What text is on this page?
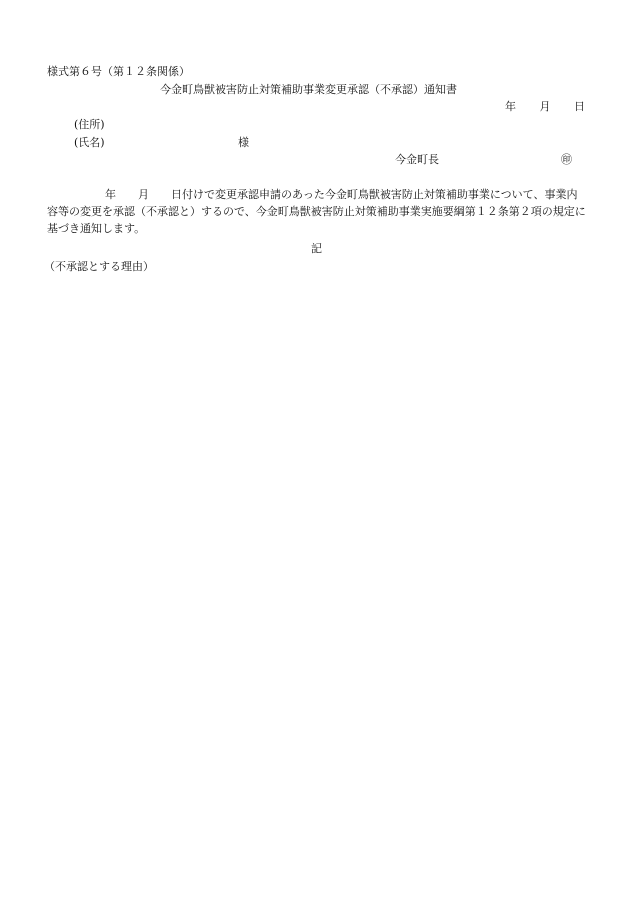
様式第６号（第１２条関係）
今金町鳥獣被害防止対策補助事業変更承認（不承認）通知書
年 月 日
(住所)
(氏名)	様
今金町長	㊞
年　　月　　日付けで変更承認申請のあった今金町鳥獣被害防止対策補助事業について、事業内容等の変更を承認（不承認と）するので、今金町鳥獣被害防止対策補助事業実施要綱第１２条第２項の規定に基づき通知します。
記
（不承認とする理由）
